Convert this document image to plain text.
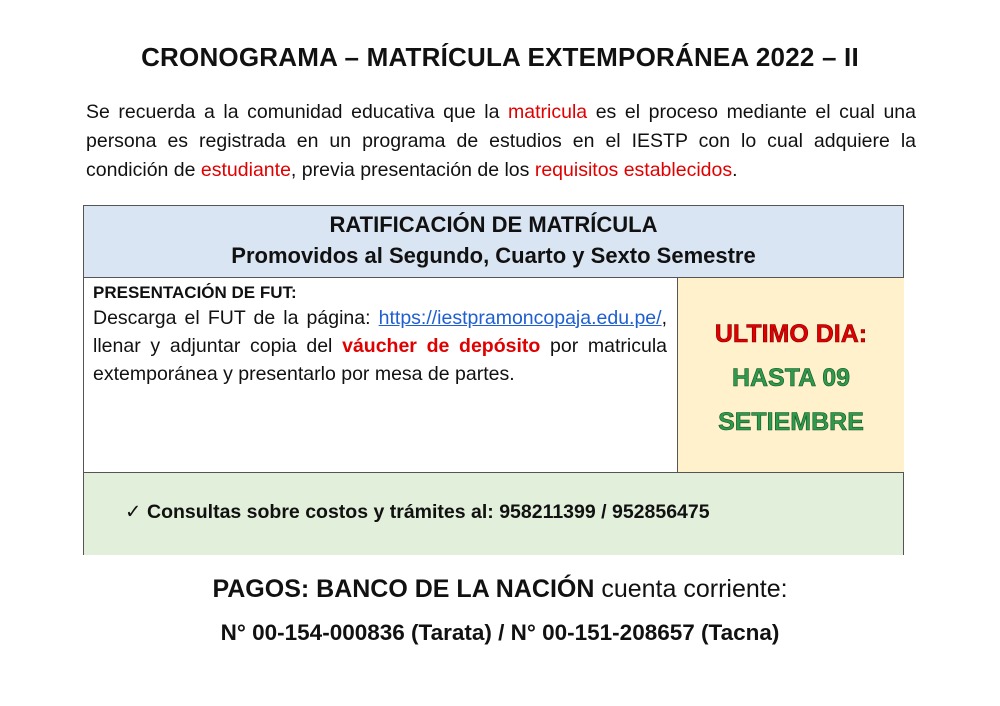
CRONOGRAMA – MATRÍCULA EXTEMPORÁNEA 2022 – II
Se recuerda a la comunidad educativa que la matricula es el proceso mediante el cual una persona es registrada en un programa de estudios en el IESTP con lo cual adquiere la condición de estudiante, previa presentación de los requisitos establecidos.
RATIFICACIÓN DE MATRÍCULA
Promovidos al Segundo, Cuarto y Sexto Semestre
PRESENTACIÓN DE FUT:
Descarga el FUT de la página: https://iestpramoncopaja.edu.pe/, llenar y adjuntar copia del váucher de depósito por matricula extemporánea y presentarlo por mesa de partes.
ULTIMO DIA:
HASTA 09
SETIEMBRE
✓ Consultas sobre costos y trámites al: 958211399 / 952856475
PAGOS: BANCO DE LA NACIÓN cuenta corriente:
N° 00-154-000836 (Tarata) / N° 00-151-208657 (Tacna)
